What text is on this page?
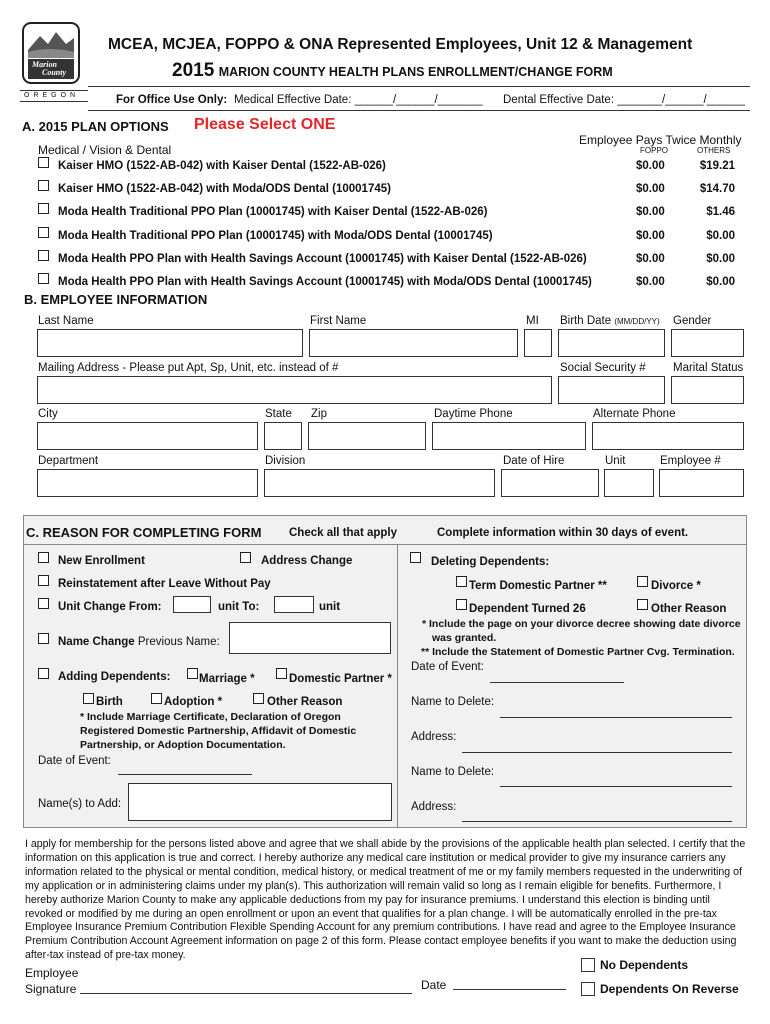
Marion
County
OREGON
MCEA, MCJEA, FOPPO & ONA Represented Employees, Unit 12 & Management
2015 MARION COUNTY HEALTH PLANS ENROLLMENT/CHANGE FORM
For Office Use Only: Medical Effective Date: ______/______/_______ Dental Effective Date: _______/______/______
A. 2015 PLAN OPTIONS Please Select ONE
Employee Pays Twice Monthly
Medical / Vision & Dental	FOPPO	OTHERS
Kaiser HMO (1522-AB-042) with Kaiser Dental (1522-AB-026)	$0.00	$19.21
Kaiser HMO (1522-AB-042) with Moda/ODS Dental (10001745)	$0.00	$14.70
Moda Health Traditional PPO Plan (10001745) with Kaiser Dental (1522-AB-026)	$0.00	$1.46
Moda Health Traditional PPO Plan (10001745) with Moda/ODS Dental (10001745)	$0.00	$0.00
Moda Health PPO Plan with Health Savings Account (10001745) with Kaiser Dental (1522-AB-026)	$0.00	$0.00
Moda Health PPO Plan with Health Savings Account (10001745) with Moda/ODS Dental (10001745)	$0.00	$0.00
B. EMPLOYEE INFORMATION
Last Name	First Name	MI Birth Date (MM/DD/YY) Gender
Mailing Address - Please put Apt, Sp, Unit, etc. instead of #	Social Security # Marital Status
City	State Zip	Daytime Phone	Alternate Phone
Department	Division	Date of Hire	Unit	Employee #
C. REASON FOR COMPLETING FORM Check all that apply	Complete information within 30 days of event.
New Enrollment	Address Change
Reinstatement after Leave Without Pay
Unit Change From:	unit To:	unit
Name Change Previous Name:
Adding Dependents: Marriage *	Domestic Partner *
Birth	Adoption *	Other Reason
* Include Marriage Certificate, Declaration of Oregon
Registered Domestic Partnership, Affidavit of Domestic
Partnership, or Adoption Documentation.
Date of Event:
Name(s) to Add:
Deleting Dependents:
Term Domestic Partner **	Divorce *
Dependent Turned 26	Other Reason
* Include the page on your divorce decree showing date divorce
was granted.
** Include the Statement of Domestic Partner Cvg. Termination.
Date of Event:
Name to Delete:
Address:
Name to Delete:
Address:
I apply for membership for the persons listed above and agree that we shall abide by the provisions of the applicable health plan selected. I certify that the information on this application is true and correct. I hereby authorize any medical care institution or medical provider to give my insurance carriers any information related to the physical or mental condition, medical history, or medical treatment of me or my family members requested in the underwriting of my application or in administering claims under my plan(s). This authorization will remain valid so long as I remain eligible for benefits. Furthermore, I hereby authorize Marion County to make any applicable deductions from my pay for insurance premiums. I understand this election is binding until revoked or modified by me during an open enrollment or upon an event that qualifies for a plan change. I will be automatically enrolled in the pre-tax Employee Insurance Premium Contribution Flexible Spending Account for any premium contributions. I have read and agree to the Employee Insurance Premium Contribution Account Agreement information on page 2 of this form. Please contact employee benefits if you want to make the deduction using after-tax instead of pre-tax money.
Employee
Signature	Date
No Dependents
Dependents On Reverse
